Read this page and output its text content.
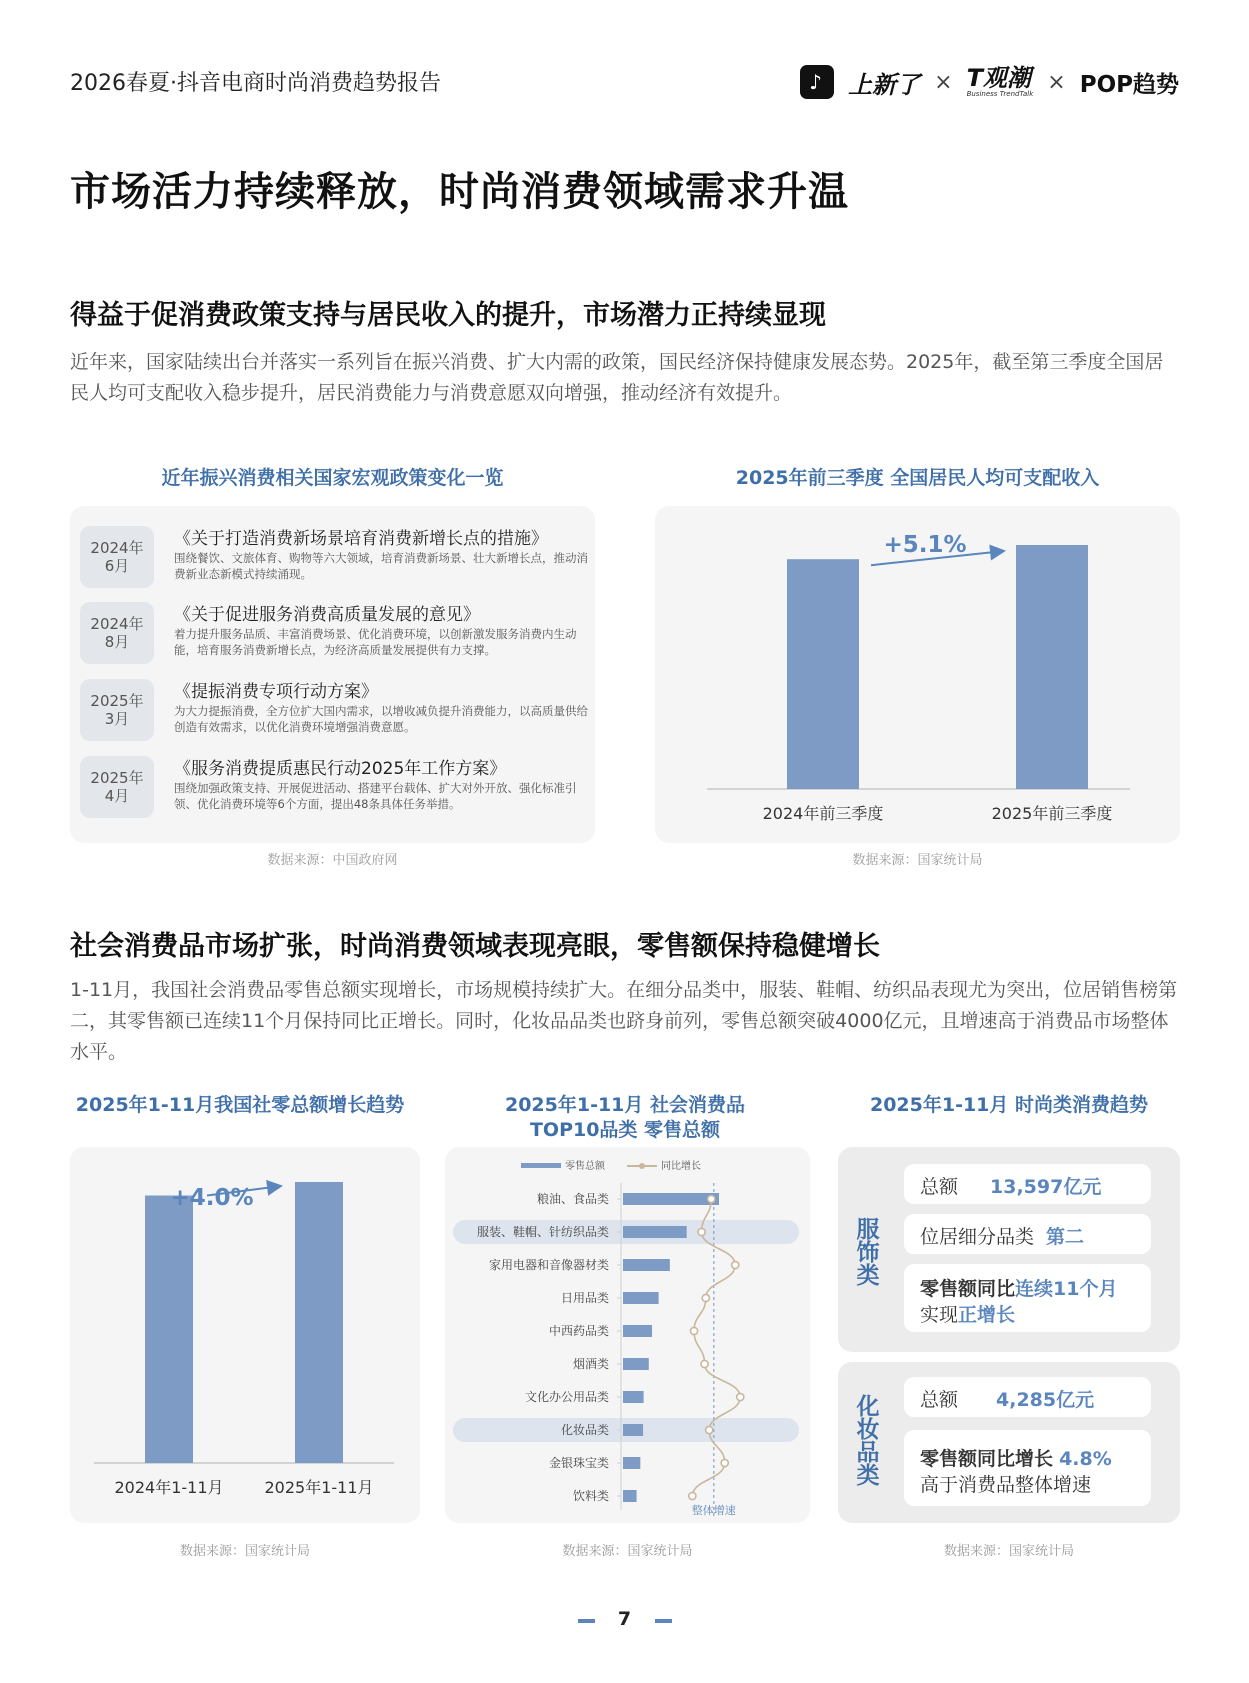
2026春夏·抖音电商时尚消费趋势报告	♪ 上新了 × T观潮
Business TrendTalk × POP趋势
市场活力持续释放，时尚消费领域需求升温
得益于促消费政策支持与居民收入的提升，市场潜力正持续显现
近年来，国家陆续出台并落实一系列旨在振兴消费、扩大内需的政策，国民经济保持健康发展态势。2025年，截至第三季度全国居民人均可支配收入稳步提升，居民消费能力与消费意愿双向增强，推动经济有效提升。
近年振兴消费相关国家宏观政策变化一览
2024年
6月
《关于打造消费新场景培育消费新增长点的措施》
围绕餐饮、文旅体育、购物等六大领域，培育消费新场景、壮大新增长点，推动消费新业态新模式持续涌现。
2024年
8月
《关于促进服务消费高质量发展的意见》
着力提升服务品质、丰富消费场景、优化消费环境，以创新激发服务消费内生动能，培育服务消费新增长点，为经济高质量发展提供有力支撑。
2025年
3月
《提振消费专项行动方案》
为大力提振消费，全方位扩大国内需求，以增收减负提升消费能力，以高质量供给创造有效需求，以优化消费环境增强消费意愿。
2025年
4月
《服务消费提质惠民行动2025年工作方案》
围绕加强政策支持、开展促进活动、搭建平台载体、扩大对外开放、强化标准引领、优化消费环境等6个方面，提出48条具体任务举措。
数据来源：中国政府网
2025年前三季度 全国居民人均可支配收入
2024年前三季度	2025年前三季度
+5.1%
数据来源：国家统计局
社会消费品市场扩张，时尚消费领域表现亮眼，零售额保持稳健增长
1-11月，我国社会消费品零售总额实现增长，市场规模持续扩大。在细分品类中，服装、鞋帽、纺织品表现尤为突出，位居销售榜第二，其零售额已连续11个月保持同比正增长。同时，化妆品品类也跻身前列，零售总额突破4000亿元，且增速高于消费品市场整体水平。
2025年1-11月我国社零总额增长趋势
2024年1-11月	2025年1-11月
+4.0%
数据来源：国家统计局
2025年1-11月 社会消费品
TOP10品类 零售总额
零售总额	同比增长
整体增速
粮油、食品类
服装、鞋帽、针纺织品类
家用电器和音像器材类
日用品类
中西药品类
烟酒类
文化办公用品类
化妆品类
金银珠宝类
饮料类
数据来源：国家统计局
2025年1-11月 时尚类消费趋势
服饰类
总额 13,597亿元
位居细分品类 第二
零售额同比连续11个月
实现正增长
化妆品类
总额 4,285亿元
零售额同比增长 4.8%
高于消费品整体增速
数据来源：国家统计局
7
